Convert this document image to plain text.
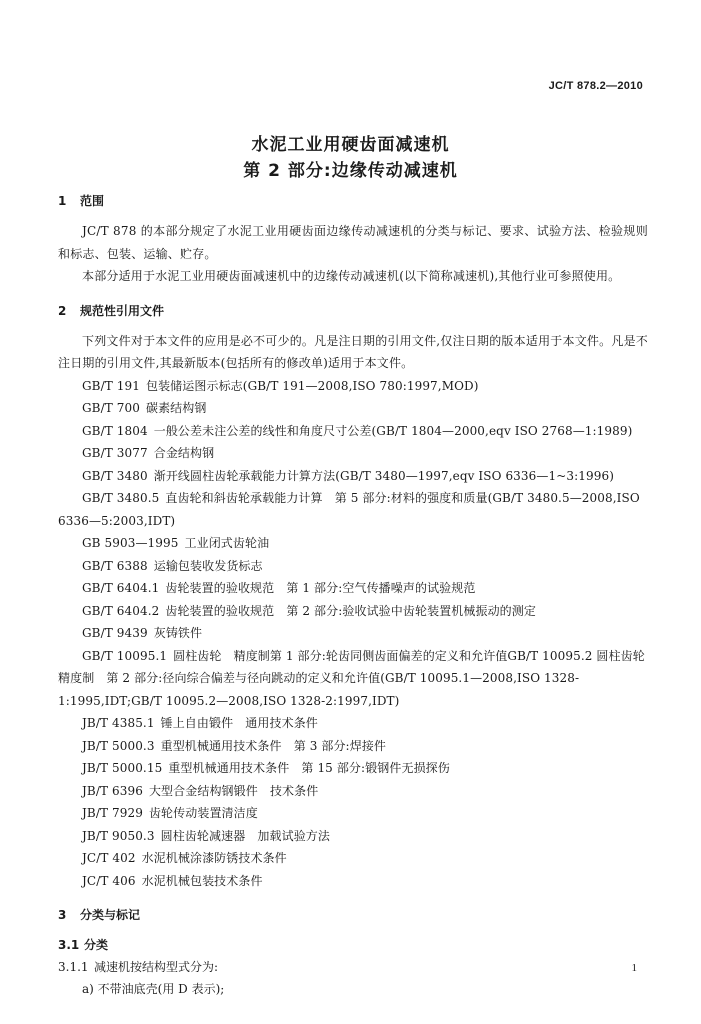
JC/T 878.2—2010
水泥工业用硬齿面减速机
第 2 部分:边缘传动减速机
1 范围

JC/T 878 的本部分规定了水泥工业用硬齿面边缘传动减速机的分类与标记、要求、试验方法、检验规则和标志、包装、运输、贮存。

本部分适用于水泥工业用硬齿面减速机中的边缘传动减速机(以下简称减速机),其他行业可参照使用。

2 规范性引用文件

下列文件对于本文件的应用是必不可少的。凡是注日期的引用文件,仅注日期的版本适用于本文件。凡是不注日期的引用文件,其最新版本(包括所有的修改单)适用于本文件。

GB/T 191 包装储运图示标志(GB/T 191—2008,ISO 780:1997,MOD)

GB/T 700 碳素结构钢

GB/T 1804 一般公差未注公差的线性和角度尺寸公差(GB/T 1804—2000,eqv ISO 2768—1:1989)

GB/T 3077 合金结构钢

GB/T 3480 渐开线圆柱齿轮承载能力计算方法(GB/T 3480—1997,eqv ISO 6336—1~3:1996)

GB/T 3480.5 直齿轮和斜齿轮承载能力计算　第 5 部分:材料的强度和质量(GB/T 3480.5—2008,ISO 6336—5:2003,IDT)

GB 5903—1995 工业闭式齿轮油

GB/T 6388 运输包装收发货标志

GB/T 6404.1 齿轮装置的验收规范　第 1 部分:空气传播噪声的试验规范

GB/T 6404.2 齿轮装置的验收规范　第 2 部分:验收试验中齿轮装置机械振动的测定

GB/T 9439 灰铸铁件

GB/T 10095.1 圆柱齿轮　精度制第 1 部分:轮齿同侧齿面偏差的定义和允许值GB/T 10095.2 圆柱齿轮精度制　第 2 部分:径向综合偏差与径向跳动的定义和允许值(GB/T 10095.1—2008,ISO 1328-1:1995,IDT;GB/T 10095.2—2008,ISO 1328-2:1997,IDT)

JB/T 4385.1 锤上自由锻件　通用技术条件

JB/T 5000.3 重型机械通用技术条件　第 3 部分:焊接件

JB/T 5000.15 重型机械通用技术条件　第 15 部分:锻钢件无损探伤

JB/T 6396 大型合金结构钢锻件　技术条件

JB/T 7929 齿轮传动装置清洁度

JB/T 9050.3 圆柱齿轮减速器　加载试验方法

JC/T 402 水泥机械涂漆防锈技术条件

JC/T 406 水泥机械包装技术条件

3 分类与标记
3.1 分类

3.1.1 减速机按结构型式分为:

a) 不带油底壳(用 D 表示);

1
